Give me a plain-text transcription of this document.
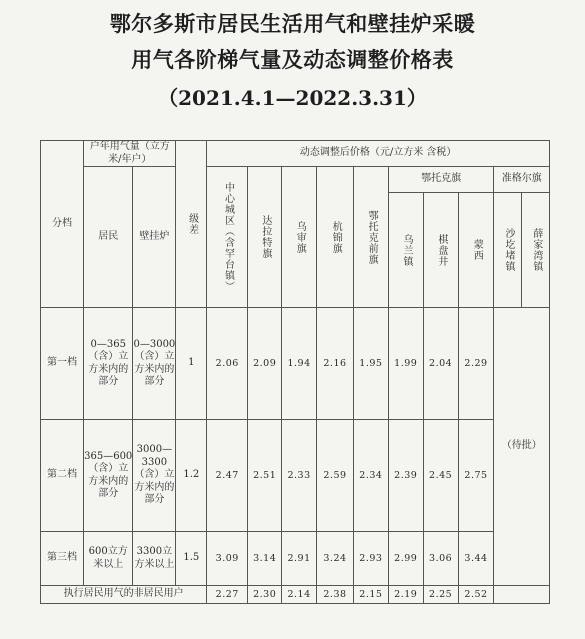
鄂尔多斯市居民生活用气和壁挂炉采暖
用气各阶梯气量及动态调整价格表
（2021.4.1—2022.3.31）
分档	户年用气量（立方米/年户）		级差	动态调整后价格（元/立方米 含税）									
	居民	壁挂炉		中心城区（含罕台镇）	达拉特旗	乌审旗	杭锦旗	鄂托克前旗	鄂托克旗			准格尔旗	

									乌兰镇	棋盘井	蒙西	沙圪堵镇	薛家湾镇

第一档	0—365（含）立方米内的部分	0—3000（含）立方米内的部分	1	2.06	2.09	1.94	2.16	1.95	1.99	2.04	2.29	（待批）	
第二档	365—600（含）立方米内的部分	3000—3300（含）立方米内的部分	1.2	2.47	2.51	2.33	2.59	2.34	2.39	2.45	2.75		
第三档	600立方米以上	3300立方米以上	1.5	3.09	3.14	2.91	3.24	2.93	2.99	3.06	3.44		
执行居民用气的非居民用户				2.27	2.30	2.14	2.38	2.15	2.19	2.25	2.52		
